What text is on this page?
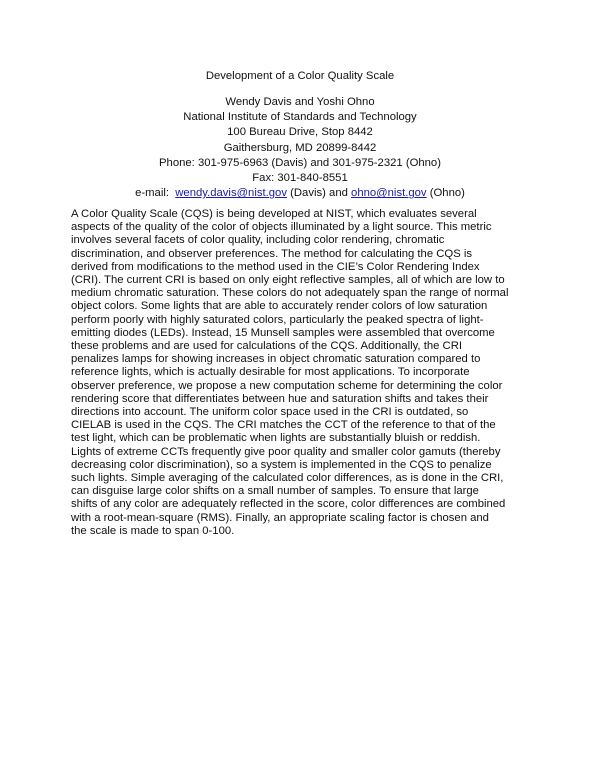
Development of a Color Quality Scale
Wendy Davis and Yoshi Ohno
National Institute of Standards and Technology
100 Bureau Drive, Stop 8442
Gaithersburg, MD 20899-8442
Phone: 301-975-6963 (Davis) and 301-975-2321 (Ohno)
Fax: 301-840-8551
e-mail:  wendy.davis@nist.gov (Davis) and ohno@nist.gov (Ohno)
A Color Quality Scale (CQS) is being developed at NIST, which evaluates several
aspects of the quality of the color of objects illuminated by a light source. This metric
involves several facets of color quality, including color rendering, chromatic
discrimination, and observer preferences. The method for calculating the CQS is
derived from modifications to the method used in the CIE’s Color Rendering Index
(CRI). The current CRI is based on only eight reflective samples, all of which are low to
medium chromatic saturation. These colors do not adequately span the range of normal
object colors. Some lights that are able to accurately render colors of low saturation
perform poorly with highly saturated colors, particularly the peaked spectra of light-
emitting diodes (LEDs). Instead, 15 Munsell samples were assembled that overcome
these problems and are used for calculations of the CQS. Additionally, the CRI
penalizes lamps for showing increases in object chromatic saturation compared to
reference lights, which is actually desirable for most applications. To incorporate
observer preference, we propose a new computation scheme for determining the color
rendering score that differentiates between hue and saturation shifts and takes their
directions into account. The uniform color space used in the CRI is outdated, so
CIELAB is used in the CQS. The CRI matches the CCT of the reference to that of the
test light, which can be problematic when lights are substantially bluish or reddish.
Lights of extreme CCTs frequently give poor quality and smaller color gamuts (thereby
decreasing color discrimination), so a system is implemented in the CQS to penalize
such lights. Simple averaging of the calculated color differences, as is done in the CRI,
can disguise large color shifts on a small number of samples. To ensure that large
shifts of any color are adequately reflected in the score, color differences are combined
with a root-mean-square (RMS). Finally, an appropriate scaling factor is chosen and
the scale is made to span 0-100.
